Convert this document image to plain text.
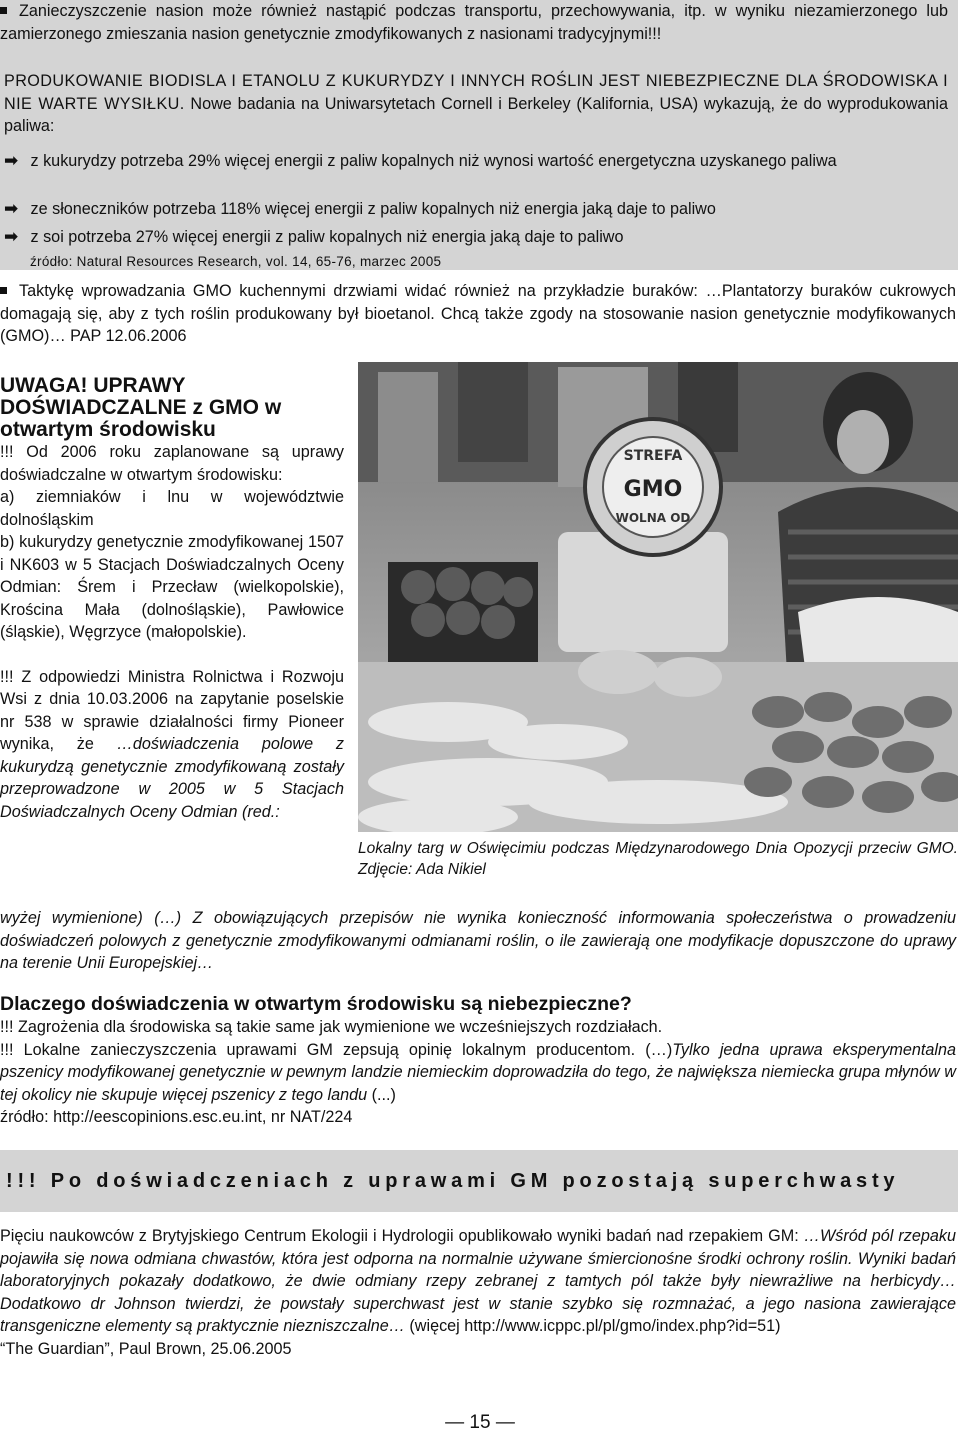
Zanieczyszczenie nasion może również nastąpić podczas transportu, przechowywania, itp. w wyniku niezamierzonego lub zamierzonego zmieszania nasion genetycznie zmodyfikowanych z nasionami tradycyjnymi!!!
PRODUKOWANIE BIODISLA I ETANOLU Z KUKURYDZY I INNYCH ROŚLIN JEST NIEBEZPIECZNE DLA ŚRODOWISKA I NIE WARTE WYSIŁKU. Nowe badania na Uniwarsytetach Cornell i Berkeley (Kalifornia, USA) wykazują, że do wyprodukowania paliwa:
➡ z kukurydzy potrzeba 29% więcej energii z paliw kopalnych niż wynosi wartość energetyczna uzyskanego paliwa
➡ ze słoneczników potrzeba 118% więcej energii z paliw kopalnych niż energia jaką daje to paliwo
➡ z soi potrzeba 27% więcej energii z paliw kopalnych niż energia jaką daje to paliwo
źródło: Natural Resources Research, vol. 14, 65-76, marzec 2005
Taktykę wprowadzania GMO kuchennymi drzwiami widać również na przykładzie buraków: …Plantatorzy buraków cukrowych domagają się, aby z tych roślin produkowany był bioetanol. Chcą także zgody na stosowanie nasion genetycznie modyfikowanych (GMO)… PAP 12.06.2006
UWAGA! UPRAWY DOŚWIADCZALNE z GMO w otwartym środowisku

!!! Od 2006 roku zaplanowane są uprawy doświadczalne w otwartym środowisku:

a) ziemniaków i lnu w województwie dolnośląskim

b) kukurydzy genetycznie zmodyfikowanej 1507 i NK603 w 5 Stacjach Doświadczalnych Oceny Odmian: Śrem i Przecław (wielkopolskie), Krościna Mała (dolnośląskie), Pawłowice (śląskie), Węgrzyce (małopolskie).

!!! Z odpowiedzi Ministra Rolnictwa i Rozwoju Wsi z dnia 10.03.2006 na zapytanie poselskie nr 538 w sprawie działalności firmy Pioneer wynika, że …doświadczenia polowe z kukurydzą genetycznie zmodyfikowaną zostały przeprowadzone w 2005 w 5 Stacjach Doświadczalnych Oceny Odmian (red.:

STREFA
GMO
WOLNA OD
Lokalny targ w Oświęcimiu podczas Międzynarodowego Dnia Opozycji przeciw GMO. Zdjęcie: Ada Nikiel

wyżej wymienione) (…) Z obowiązujących przepisów nie wynika konieczność informowania społeczeństwa o prowadzeniu doświadczeń polowych z genetycznie zmodyfikowanymi odmianami roślin, o ile zawierają one modyfikacje dopuszczone do uprawy na terenie Unii Europejskiej…

Dlaczego doświadczenia w otwartym środowisku są niebezpieczne?

!!! Zagrożenia dla środowiska są takie same jak wymienione we wcześniejszych rozdziałach.

!!! Lokalne zanieczyszczenia uprawami GM zepsują opinię lokalnym producentom. (…)Tylko jedna uprawa eksperymentalna pszenicy modyfikowanej genetycznie w pewnym landzie niemieckim doprowadziła do tego, że największa niemiecka grupa młynów w tej okolicy nie skupuje więcej pszenicy z tego landu (...)

źródło: http://eescopinions.esc.eu.int, nr NAT/224

!!! Po doświadczeniach z uprawami GM pozostają superchwasty

Pięciu naukowców z Brytyjskiego Centrum Ekologii i Hydrologii opublikowało wyniki badań nad rzepakiem GM: …Wśród pól rzepaku pojawiła się nowa odmiana chwastów, która jest odporna na normalnie używane śmiercionośne środki ochrony roślin. Wyniki badań laboratoryjnych pokazały dodatkowo, że dwie odmiany rzepy zebranej z tamtych pól także były niewrażliwe na herbicydy…Dodatkowo dr Johnson twierdzi, że powstały superchwast jest w stanie szybko się rozmnażać, a jego nasiona zawierające transgeniczne elementy są praktycznie niezniszczalne… (więcej http://www.icppc.pl/pl/gmo/index.php?id=51)

“The Guardian”, Paul Brown, 25.06.2005

— 15 —
